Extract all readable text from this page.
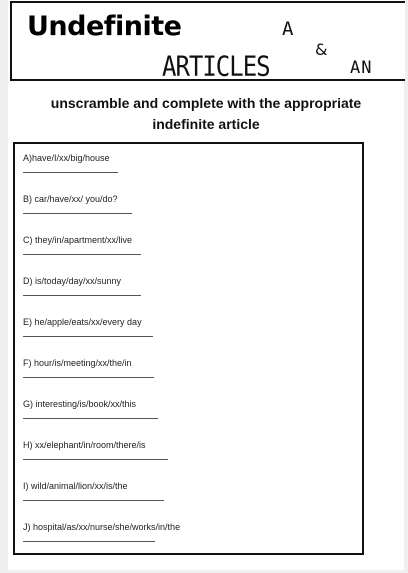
Undefinite	A
&
ARTICLES	AN
unscramble and complete with the appropriate indefinite article
A)have/I/xx/big/house
B) car/have/xx/ you/do?
C) they/in/apartment/xx/live
D) is/today/day/xx/sunny
E) he/apple/eats/xx/every day
F) hour/is/meeting/xx/the/in
G) interesting/is/book/xx/this
H) xx/elephant/in/room/there/is
I) wild/animal/lion/xx/is/the
J) hospital/as/xx/nurse/she/works/in/the
